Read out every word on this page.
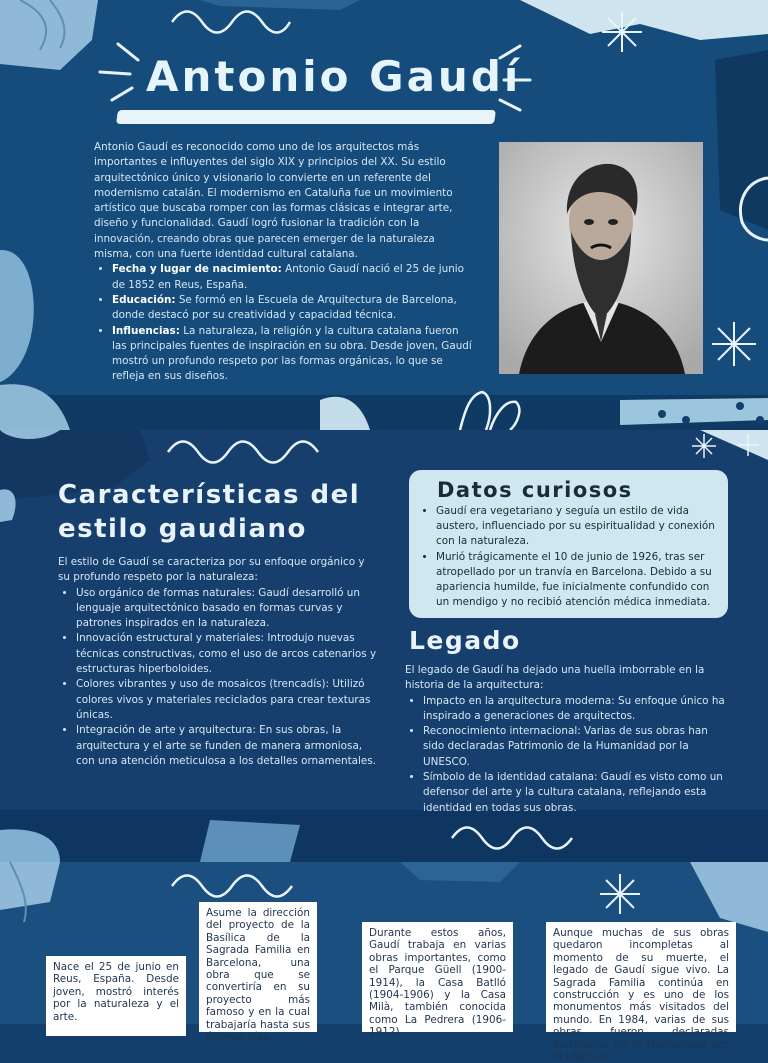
Antonio Gaudí
Antonio Gaudí es reconocido como uno de los arquitectos más importantes e influyentes del siglo XIX y principios del XX. Su estilo arquitectónico único y visionario lo convierte en un referente del modernismo catalán. El modernismo en Cataluña fue un movimiento artístico que buscaba romper con las formas clásicas e integrar arte, diseño y funcionalidad. Gaudí logró fusionar la tradición con la innovación, creando obras que parecen emerger de la naturaleza misma, con una fuerte identidad cultural catalana.
• Fecha y lugar de nacimiento: Antonio Gaudí nació el 25 de junio de 1852 en Reus, España.
• Educación: Se formó en la Escuela de Arquitectura de Barcelona, donde destacó por su creatividad y capacidad técnica.
• Influencias: La naturaleza, la religión y la cultura catalana fueron las principales fuentes de inspiración en su obra. Desde joven, Gaudí mostró un profundo respeto por las formas orgánicas, lo que se refleja en sus diseños.
Características del
estilo gaudiano
El estilo de Gaudí se caracteriza por su enfoque orgánico y su profundo respeto por la naturaleza:
• Uso orgánico de formas naturales: Gaudí desarrolló un lenguaje arquitectónico basado en formas curvas y patrones inspirados en la naturaleza.
• Innovación estructural y materiales: Introdujo nuevas técnicas constructivas, como el uso de arcos catenarios y estructuras hiperboloides.
• Colores vibrantes y uso de mosaicos (trencadís): Utilizó colores vivos y materiales reciclados para crear texturas únicas.
• Integración de arte y arquitectura: En sus obras, la arquitectura y el arte se funden de manera armoniosa, con una atención meticulosa a los detalles ornamentales.
Datos curiosos
• Gaudí era vegetariano y seguía un estilo de vida austero, influenciado por su espiritualidad y conexión con la naturaleza.
• Murió trágicamente el 10 de junio de 1926, tras ser atropellado por un tranvía en Barcelona. Debido a su apariencia humilde, fue inicialmente confundido con un mendigo y no recibió atención médica inmediata.
Legado
El legado de Gaudí ha dejado una huella imborrable en la historia de la arquitectura:
• Impacto en la arquitectura moderna: Su enfoque único ha inspirado a generaciones de arquitectos.
• Reconocimiento internacional: Varias de sus obras han sido declaradas Patrimonio de la Humanidad por la UNESCO.
• Símbolo de la identidad catalana: Gaudí es visto como un defensor del arte y la cultura catalana, reflejando esta identidad en todas sus obras.
Nace el 25 de junio en Reus, España. Desde joven, mostró interés por la naturaleza y el arte.
Asume la dirección del proyecto de la Basílica de la Sagrada Familia en Barcelona, una obra que se convertiría en su proyecto más famoso y en la cual trabajaría hasta sus últimos días.
Durante estos años, Gaudí trabaja en varias obras importantes, como el Parque Güell (1900-1914), la Casa Batlló (1904-1906) y la Casa Milà, también conocida como La Pedrera (1906-1912).
Aunque muchas de sus obras quedaron incompletas al momento de su muerte, el legado de Gaudí sigue vivo. La Sagrada Familia continúa en construcción y es uno de los monumentos más visitados del mundo. En 1984, varias de sus obras fueron declaradas Patrimonio de la Humanidad por la UNESCO.
